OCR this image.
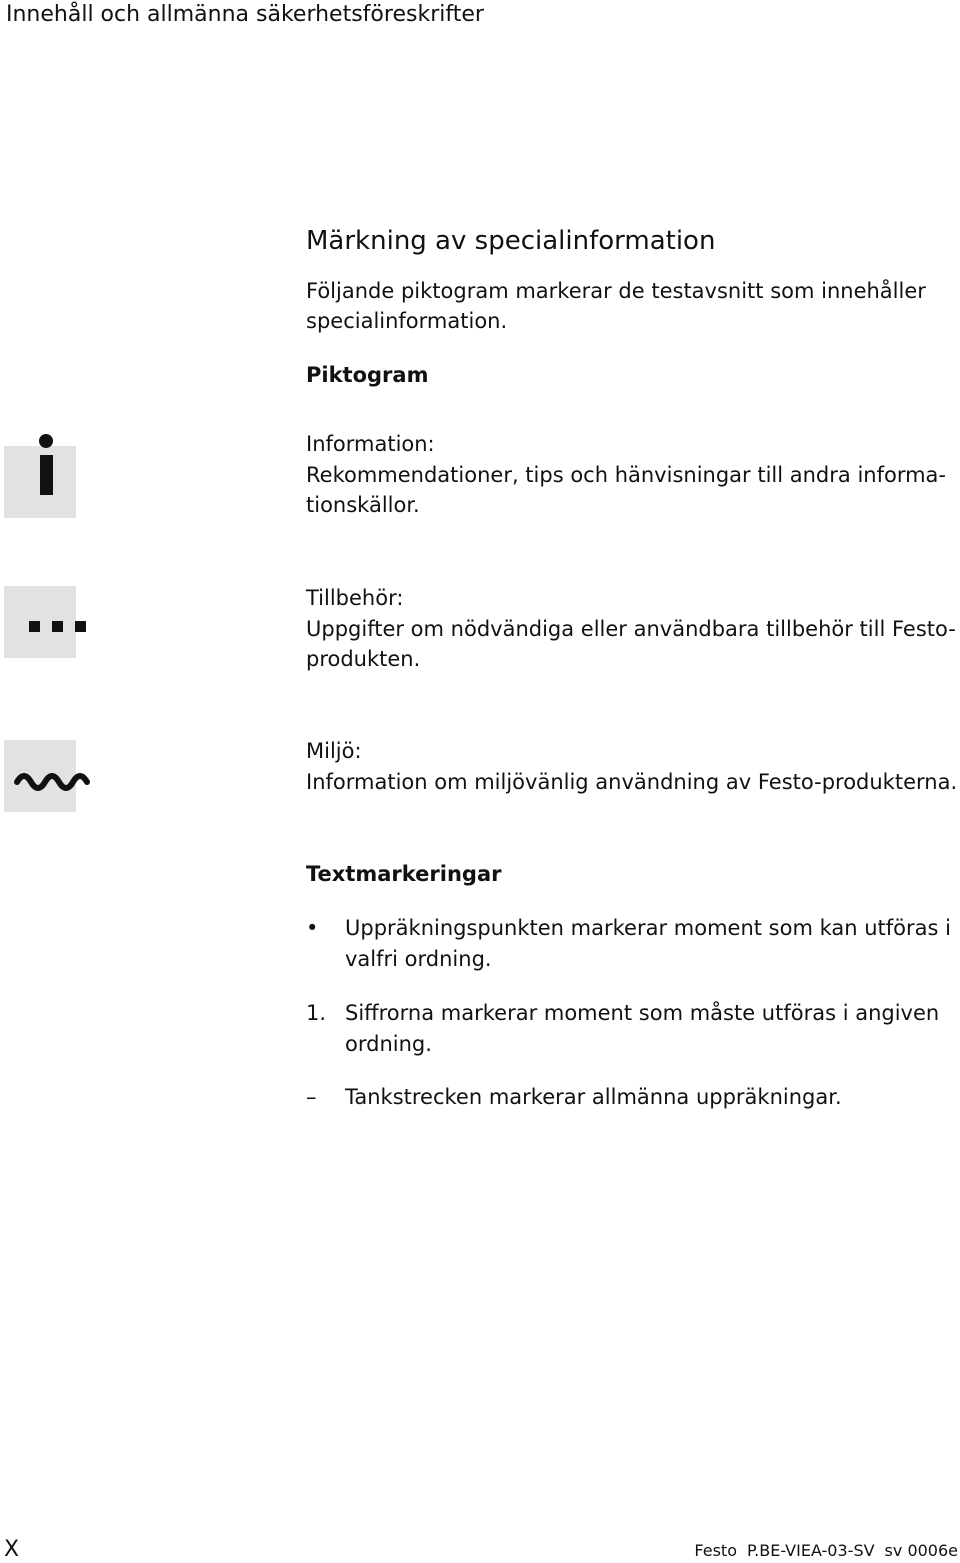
Innehåll och allmänna säkerhetsföreskrifter
Märkning av specialinformation
Följande piktogram markerar de testavsnitt som innehåller
specialinformation.
Piktogram
Information:
Rekommendationer, tips och hänvisningar till andra informa-
tionskällor.
Tillbehör:
Uppgifter om nödvändiga eller användbara tillbehör till Festo-
produkten.
Miljö:
Information om miljövänlig användning av Festo-produkterna.
Textmarkeringar
• Uppräkningspunkten markerar moment som kan utföras i
valfri ordning.
1. Siffrorna markerar moment som måste utföras i angiven
ordning.
– Tankstrecken markerar allmänna uppräkningar.
X	Festo P.BE-VIEA-03-SV sv 0006e
